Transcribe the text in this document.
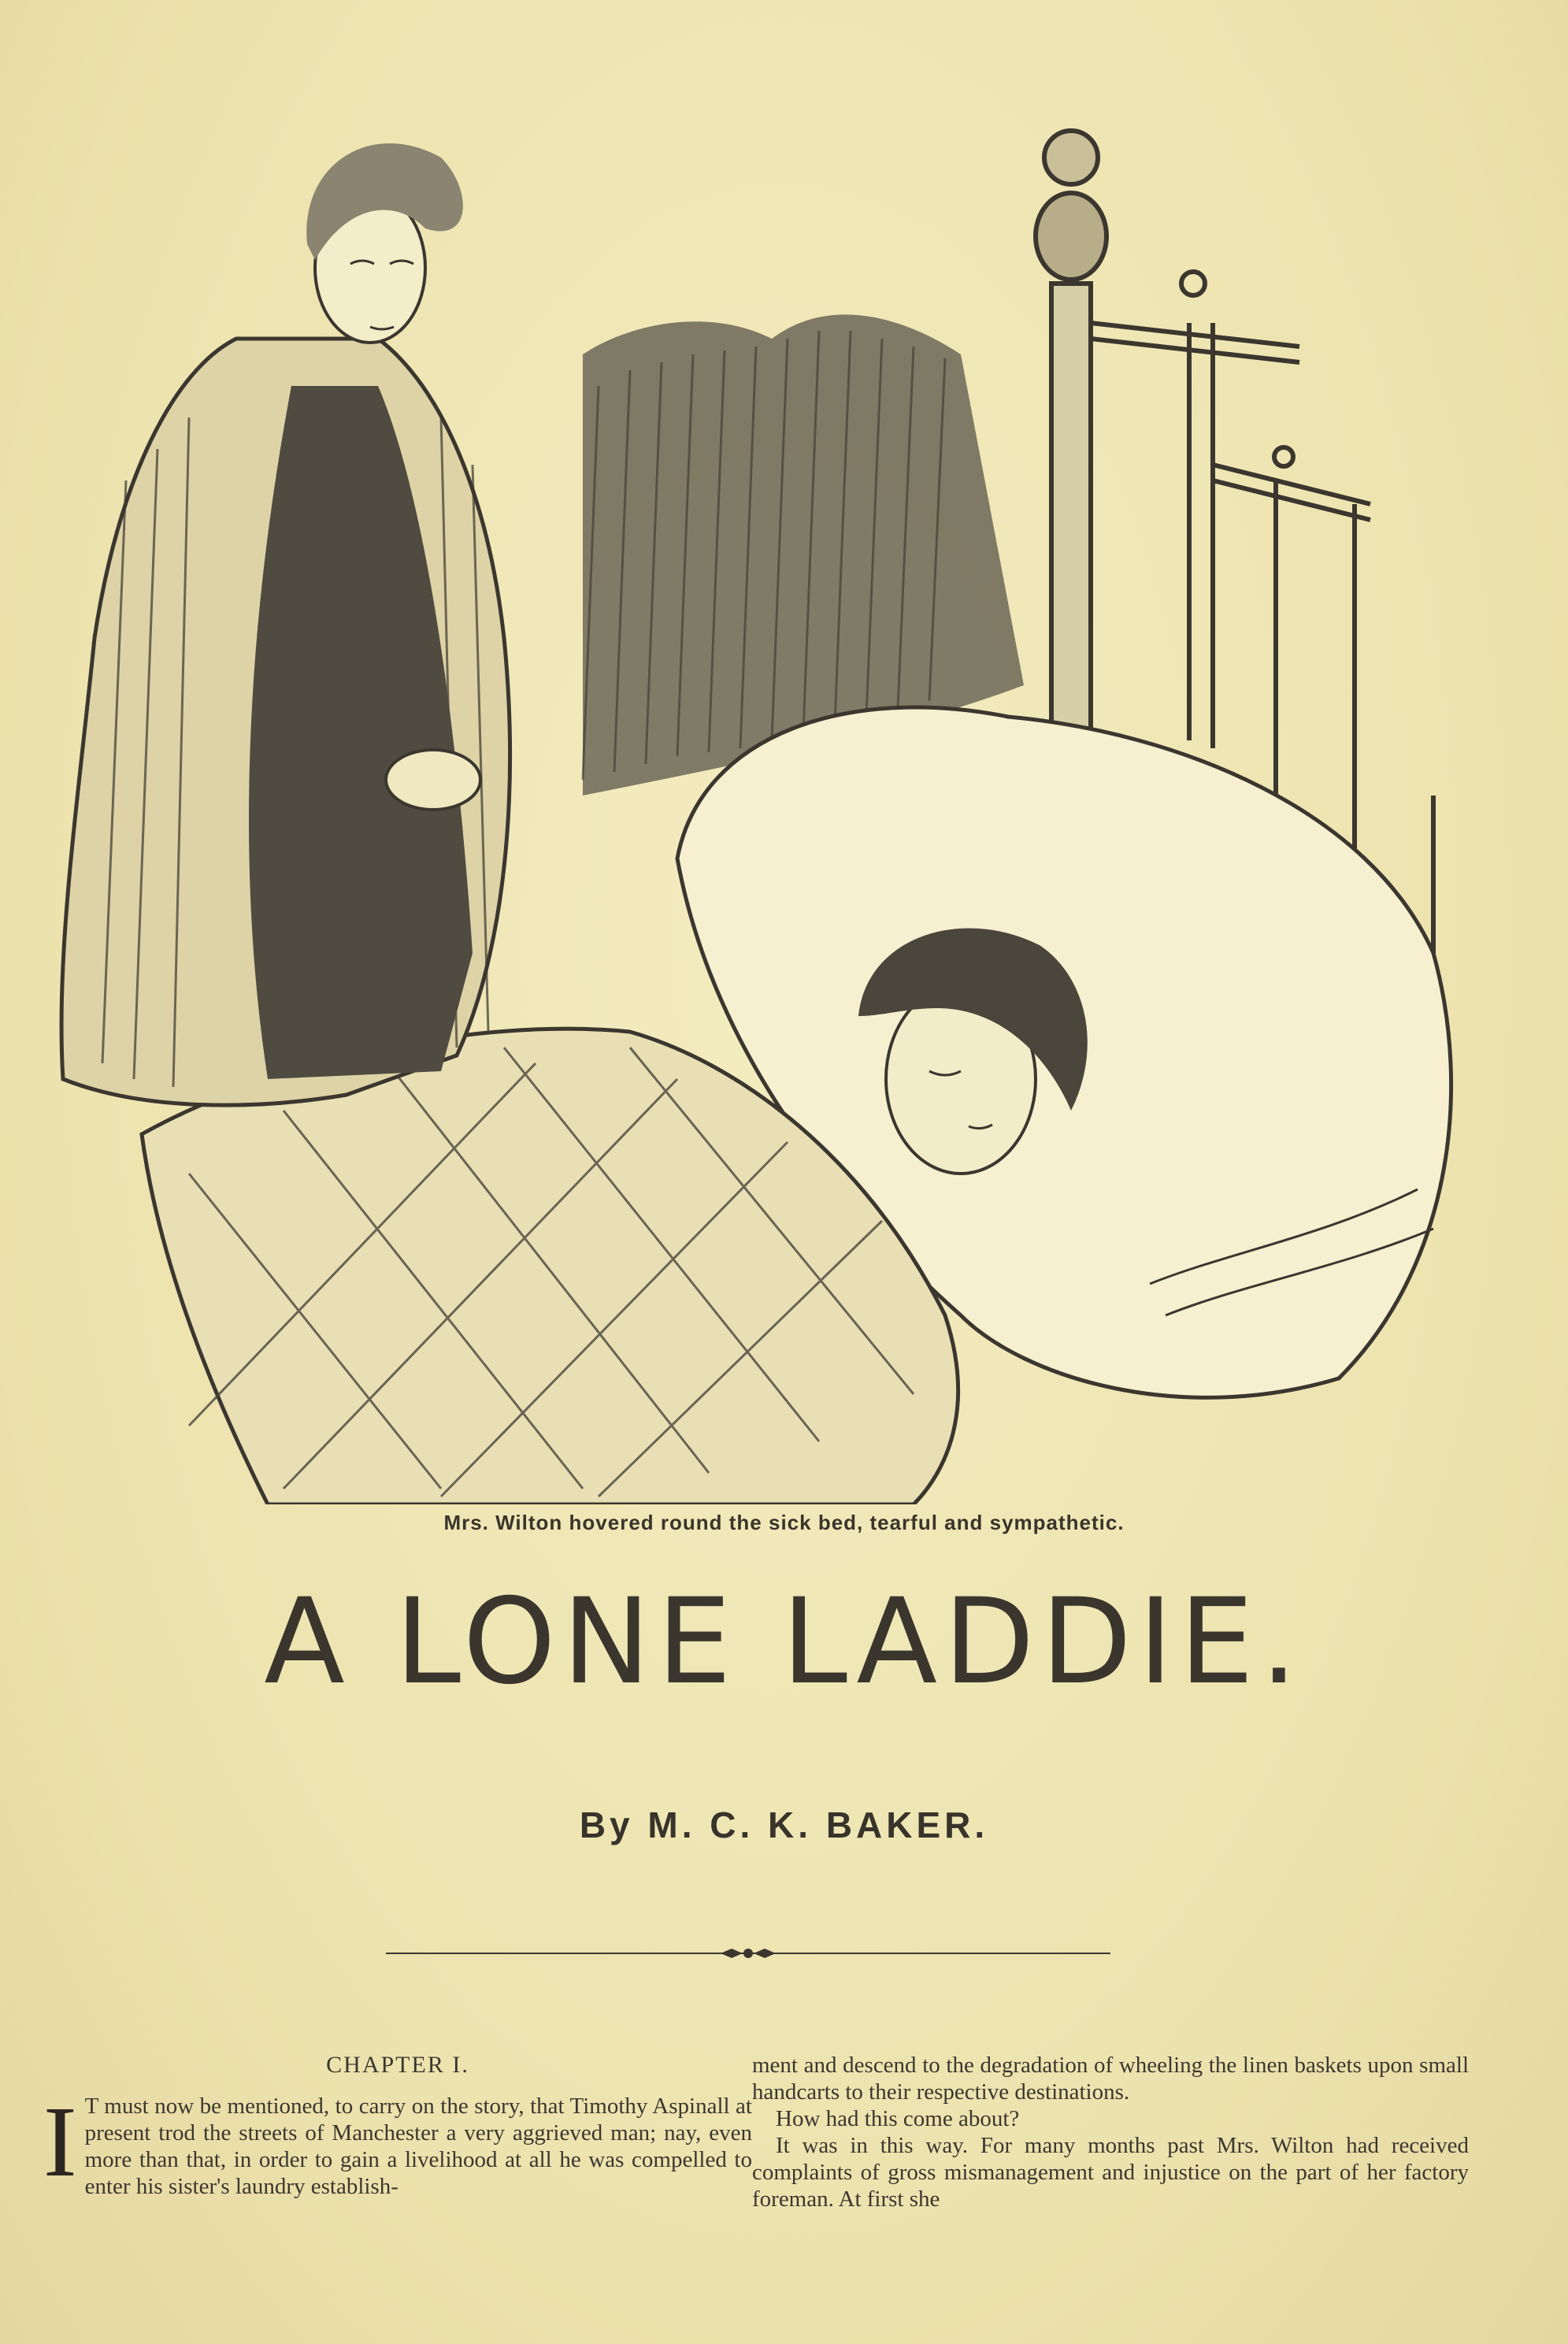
Mrs. Wilton hovered round the sick bed, tearful and sympathetic.
A LONE LADDIE.
By M. C. K. BAKER.
CHAPTER I.
I T must now be mentioned, to carry on the story, that Timothy Aspinall at present trod the streets of Manchester a very aggrieved man; nay, even more than that, in order to gain a livelihood at all he was compelled to enter his sister's laundry establish-

ment and descend to the degradation of wheeling the linen baskets upon small handcarts to their respective destinations.

How had this come about?

It was in this way. For many months past Mrs. Wilton had received complaints of gross mismanagement and injustice on the part of her factory foreman. At first she
